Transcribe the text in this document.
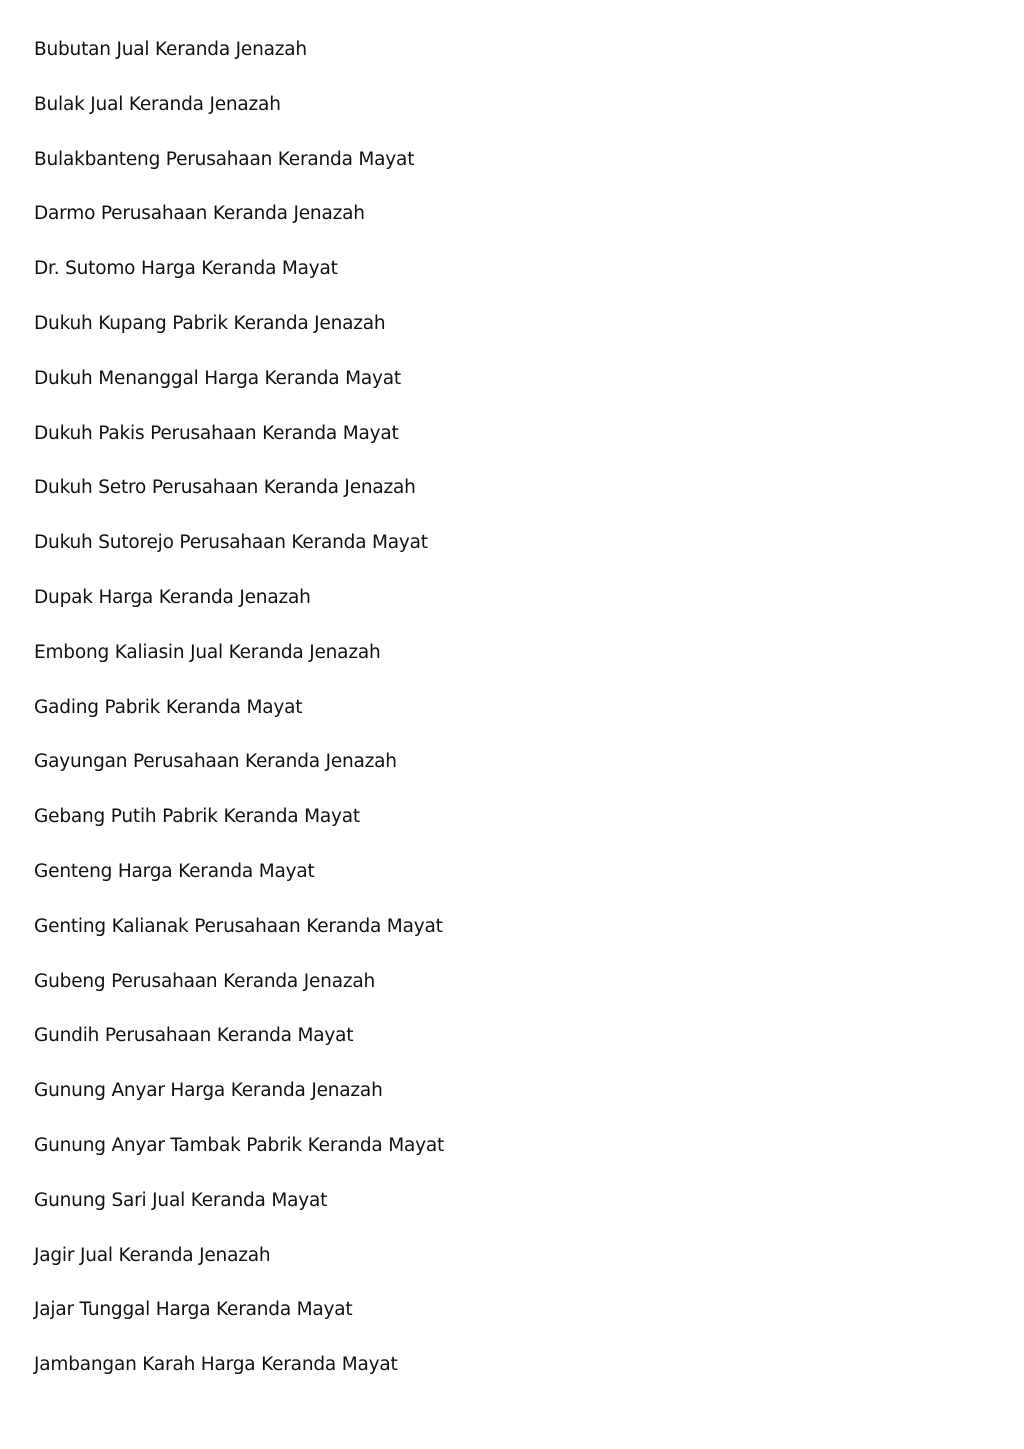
Bubutan Jual Keranda Jenazah
Bulak Jual Keranda Jenazah
Bulakbanteng Perusahaan Keranda Mayat
Darmo Perusahaan Keranda Jenazah
Dr. Sutomo Harga Keranda Mayat
Dukuh Kupang Pabrik Keranda Jenazah
Dukuh Menanggal Harga Keranda Mayat
Dukuh Pakis Perusahaan Keranda Mayat
Dukuh Setro Perusahaan Keranda Jenazah
Dukuh Sutorejo Perusahaan Keranda Mayat
Dupak Harga Keranda Jenazah
Embong Kaliasin Jual Keranda Jenazah
Gading Pabrik Keranda Mayat
Gayungan Perusahaan Keranda Jenazah
Gebang Putih Pabrik Keranda Mayat
Genteng Harga Keranda Mayat
Genting Kalianak Perusahaan Keranda Mayat
Gubeng Perusahaan Keranda Jenazah
Gundih Perusahaan Keranda Mayat
Gunung Anyar Harga Keranda Jenazah
Gunung Anyar Tambak Pabrik Keranda Mayat
Gunung Sari Jual Keranda Mayat
Jagir Jual Keranda Jenazah
Jajar Tunggal Harga Keranda Mayat
Jambangan Karah Harga Keranda Mayat
